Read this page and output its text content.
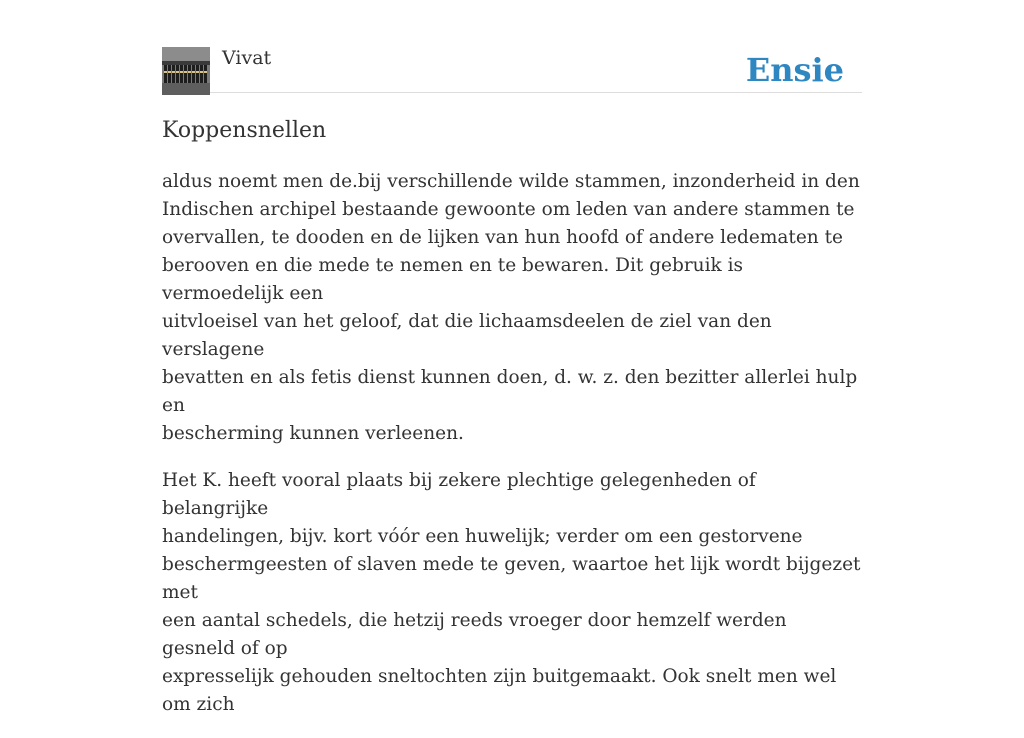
Vivat	Ensie
Koppensnellen

aldus noemt men de.bij verschillende wilde stammen, inzonderheid in den
Indischen archipel bestaande gewoonte om leden van andere stammen te
overvallen, te dooden en de lijken van hun hoofd of andere ledematen te
berooven en die mede te nemen en te bewaren. Dit gebruik is vermoedelijk een
uitvloeisel van het geloof, dat die lichaamsdeelen de ziel van den verslagene
bevatten en als fetis dienst kunnen doen, d. w. z. den bezitter allerlei hulp en
bescherming kunnen verleenen.

Het K. heeft vooral plaats bij zekere plechtige gelegenheden of belangrijke
handelingen, bijv. kort vóór een huwelijk; verder om een gestorvene
beschermgeesten of slaven mede te geven, waartoe het lijk wordt bijgezet met
een aantal schedels, die hetzij reeds vroeger door hemzelf werden gesneld of op
expresselijk gehouden sneltochten zijn buitgemaakt. Ook snelt men wel om zich
